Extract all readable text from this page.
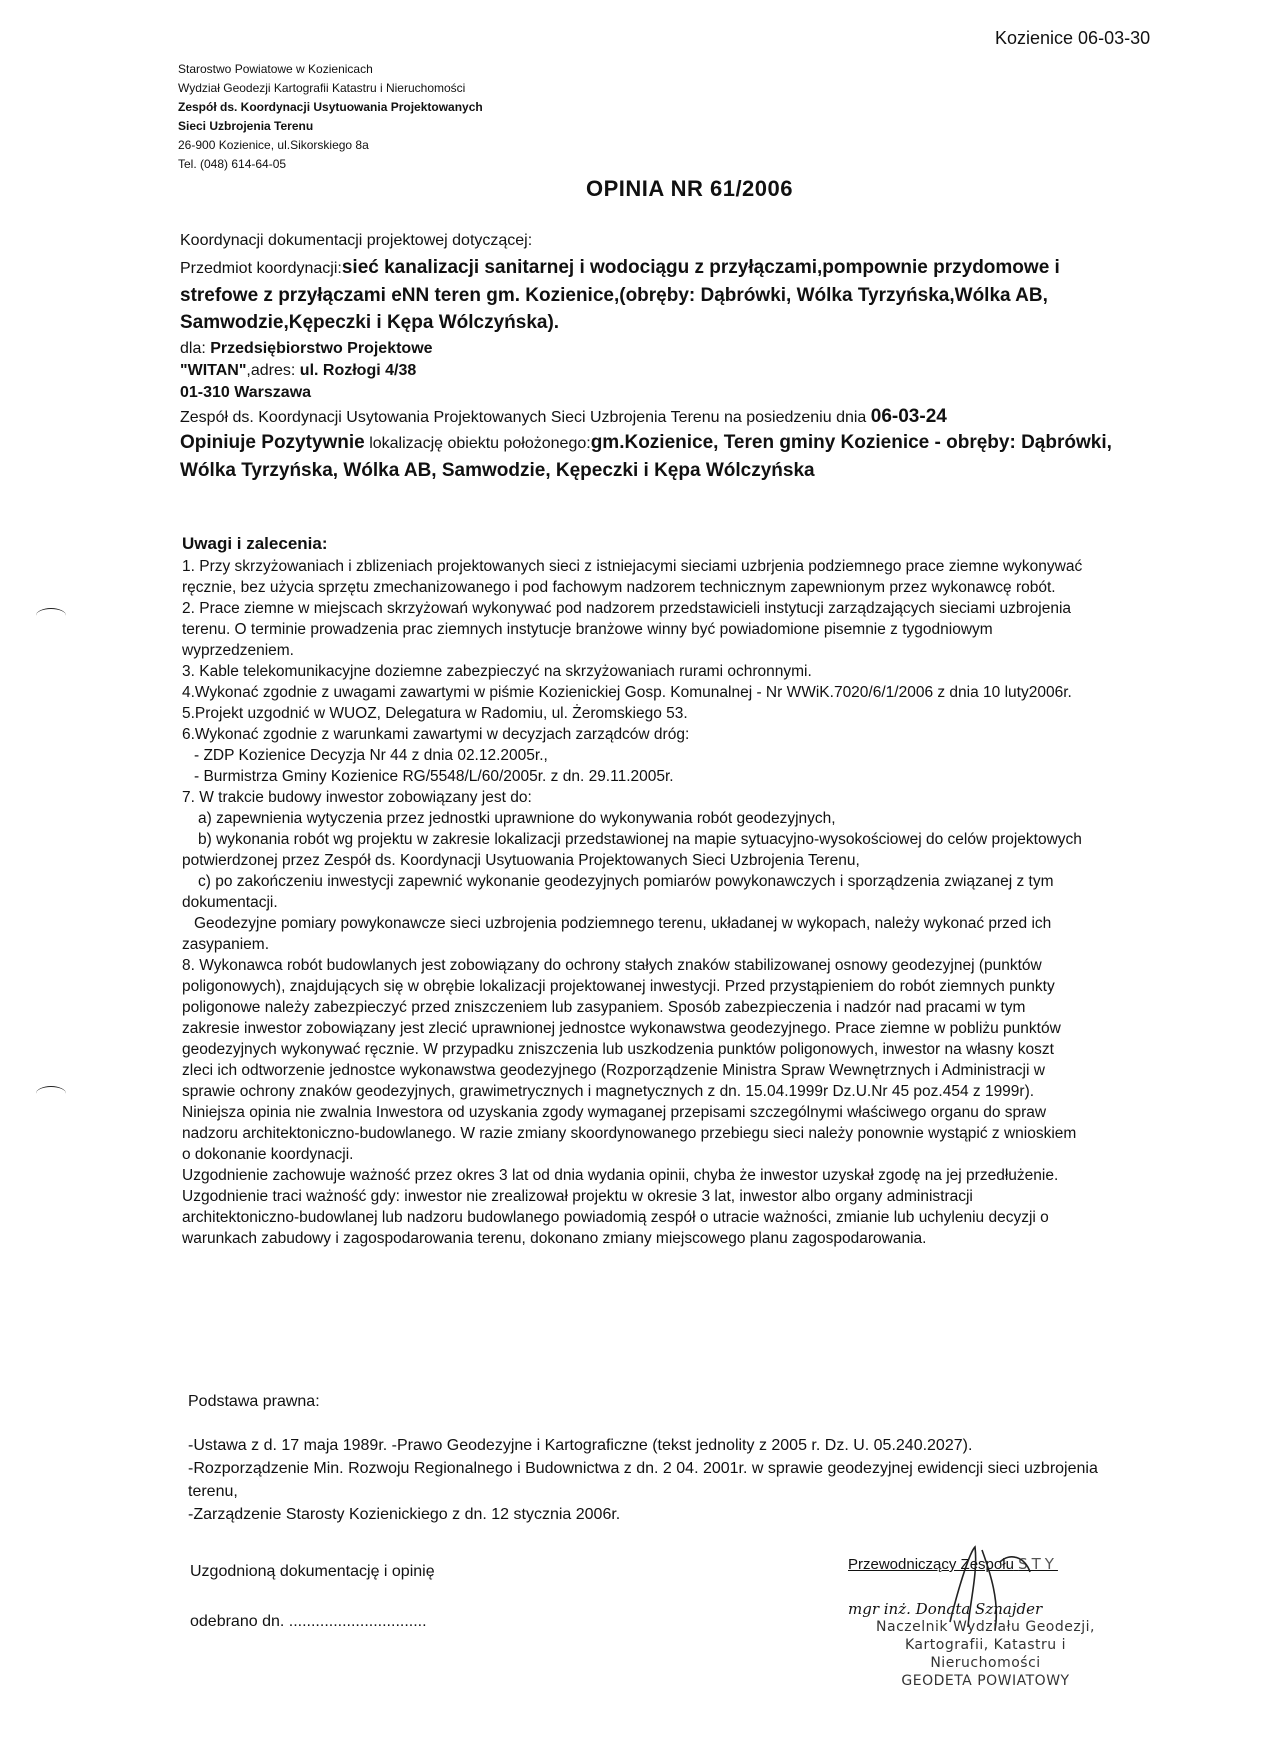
Kozienice 06-03-30
Starostwo Powiatowe w Kozienicach
Wydział Geodezji Kartografii Katastru i Nieruchomości
Zespół ds. Koordynacji Usytuowania Projektowanych
Sieci Uzbrojenia Terenu
26-900 Kozienice, ul.Sikorskiego 8a
Tel. (048) 614-64-05
OPINIA NR 61/2006
Koordynacji dokumentacji projektowej dotyczącej:
Przedmiot koordynacji:sieć kanalizacji sanitarnej i wodociągu z przyłączami,pompownie przydomowe i strefowe z przyłączami eNN teren gm. Kozienice,(obręby: Dąbrówki, Wólka Tyrzyńska,Wólka AB, Samwodzie,Kępeczki i Kępa Wólczyńska).
dla: Przedsiębiorstwo Projektowe
"WITAN",adres: ul. Rozłogi 4/38
01-310 Warszawa
Zespół ds. Koordynacji Usytowania Projektowanych Sieci Uzbrojenia Terenu na posiedzeniu dnia 06-03-24
Opiniuje Pozytywnie lokalizację obiektu położonego:gm.Kozienice, Teren gminy Kozienice - obręby: Dąbrówki, Wólka Tyrzyńska, Wólka AB, Samwodzie, Kępeczki i Kępa Wólczyńska
Uwagi i zalecenia:
1. Przy skrzyżowaniach i zblizeniach projektowanych sieci z istniejacymi sieciami uzbrjenia podziemnego prace ziemne wykonywać
ręcznie, bez użycia sprzętu zmechanizowanego i pod fachowym nadzorem technicznym zapewnionym przez wykonawcę robót.
2. Prace ziemne w miejscach skrzyżowań wykonywać pod nadzorem przedstawicieli instytucji zarządzających sieciami uzbrojenia
terenu. O terminie prowadzenia prac ziemnych instytucje branżowe winny być powiadomione pisemnie z tygodniowym
wyprzedzeniem.
3. Kable telekomunikacyjne doziemne zabezpieczyć na skrzyżowaniach rurami ochronnymi.
4.Wykonać zgodnie z uwagami zawartymi w piśmie Kozienickiej Gosp. Komunalnej - Nr WWiK.7020/6/1/2006 z dnia 10 luty2006r.
5.Projekt uzgodnić w WUOZ, Delegatura w Radomiu, ul. Żeromskiego 53.
6.Wykonać zgodnie z warunkami zawartymi w decyzjach zarządców dróg:
- ZDP Kozienice Decyzja Nr 44 z dnia 02.12.2005r.,
- Burmistrza Gminy Kozienice RG/5548/L/60/2005r. z dn. 29.11.2005r.
7. W trakcie budowy inwestor zobowiązany jest do:
a) zapewnienia wytyczenia przez jednostki uprawnione do wykonywania robót geodezyjnych,
b) wykonania robót wg projektu w zakresie lokalizacji przedstawionej na mapie sytuacyjno-wysokościowej do celów projektowych
potwierdzonej przez Zespół ds. Koordynacji Usytuowania Projektowanych Sieci Uzbrojenia Terenu,
c) po zakończeniu inwestycji zapewnić wykonanie geodezyjnych pomiarów powykonawczych i sporządzenia związanej z tym
dokumentacji.
Geodezyjne pomiary powykonawcze sieci uzbrojenia podziemnego terenu, układanej w wykopach, należy wykonać przed ich
zasypaniem.
8. Wykonawca robót budowlanych jest zobowiązany do ochrony stałych znaków stabilizowanej osnowy geodezyjnej (punktów
poligonowych), znajdujących się w obrębie lokalizacji projektowanej inwestycji. Przed przystąpieniem do robót ziemnych punkty
poligonowe należy zabezpieczyć przed zniszczeniem lub zasypaniem. Sposób zabezpieczenia i nadzór nad pracami w tym
zakresie inwestor zobowiązany jest zlecić uprawnionej jednostce wykonawstwa geodezyjnego. Prace ziemne w pobliżu punktów
geodezyjnych wykonywać ręcznie. W przypadku zniszczenia lub uszkodzenia punktów poligonowych, inwestor na własny koszt
zleci ich odtworzenie jednostce wykonawstwa geodezyjnego (Rozporządzenie Ministra Spraw Wewnętrznych i Administracji w
sprawie ochrony znaków geodezyjnych, grawimetrycznych i magnetycznych z dn. 15.04.1999r Dz.U.Nr 45 poz.454 z 1999r).
Niniejsza opinia nie zwalnia Inwestora od uzyskania zgody wymaganej przepisami szczególnymi właściwego organu do spraw
nadzoru architektoniczno-budowlanego. W razie zmiany skoordynowanego przebiegu sieci należy ponownie wystąpić z wnioskiem
o dokonanie koordynacji.
Uzgodnienie zachowuje ważność przez okres 3 lat od dnia wydania opinii, chyba że inwestor uzyskał zgodę na jej przedłużenie.
Uzgodnienie traci ważność gdy: inwestor nie zrealizował projektu w okresie 3 lat, inwestor albo organy administracji
architektoniczno-budowlanej lub nadzoru budowlanego powiadomią zespół o utracie ważności, zmianie lub uchyleniu decyzji o
warunkach zabudowy i zagospodarowania terenu, dokonano zmiany miejscowego planu zagospodarowania.
Podstawa prawna:
-Ustawa z d. 17 maja 1989r. -Prawo Geodezyjne i Kartograficzne (tekst jednolity z 2005 r. Dz. U. 05.240.2027).
-Rozporządzenie Min. Rozwoju Regionalnego i Budownictwa z dn. 2 04. 2001r. w sprawie geodezyjnej ewidencji sieci uzbrojenia
terenu,
-Zarządzenie Starosty Kozienickiego z dn. 12 stycznia 2006r.
Uzgodnioną dokumentację i opinię
odebrano dn. ...............................
Przewodniczący Zespołu STY
mgr inż. Donata Sznajder
Naczelnik Wydziału Geodezji,
Kartografii, Katastru i Nieruchomości
GEODETA POWIATOWY
